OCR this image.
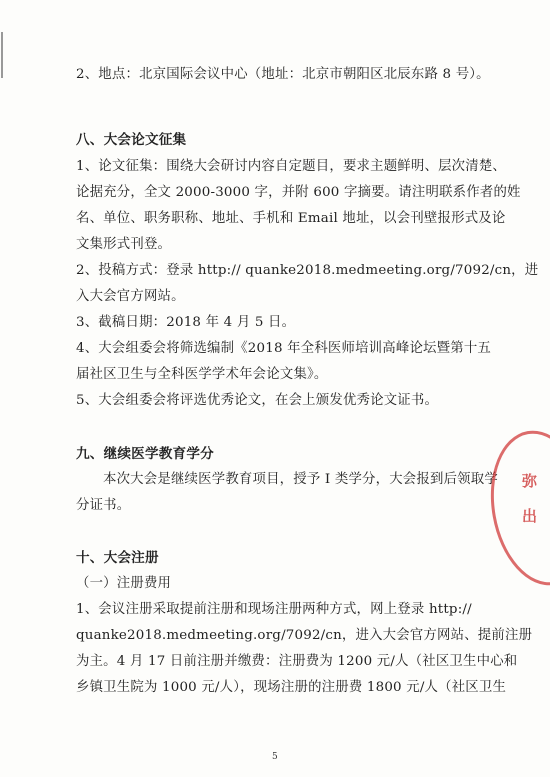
2、地点：北京国际会议中心（地址：北京市朝阳区北辰东路 8 号）。
八、大会论文征集
1、论文征集：围绕大会研讨内容自定题目，要求主题鲜明、层次清楚、
论据充分，全文 2000-3000 字，并附 600 字摘要。请注明联系作者的姓
名、单位、职务职称、地址、手机和 Email 地址，以会刊壁报形式及论
文集形式刊登。
2、投稿方式：登录 http:// quanke2018.medmeeting.org/7092/cn，进
入大会官方网站。
3、截稿日期：2018 年 4 月 5 日。
4、大会组委会将筛选编制《2018 年全科医师培训高峰论坛暨第十五
届社区卫生与全科医学学术年会论文集》。
5、大会组委会将评选优秀论文，在会上颁发优秀论文证书。
九、继续医学教育学分
本次大会是继续医学教育项目，授予 I 类学分，大会报到后领取学
分证书。
十、大会注册
（一）注册费用
1、会议注册采取提前注册和现场注册两种方式，网上登录 http://
quanke2018.medmeeting.org/7092/cn，进入大会官方网站、提前注册
为主。4 月 17 日前注册并缴费：注册费为 1200 元/人（社区卫生中心和
乡镇卫生院为 1000 元/人），现场注册的注册费 1800 元/人（社区卫生
弥
出
5
